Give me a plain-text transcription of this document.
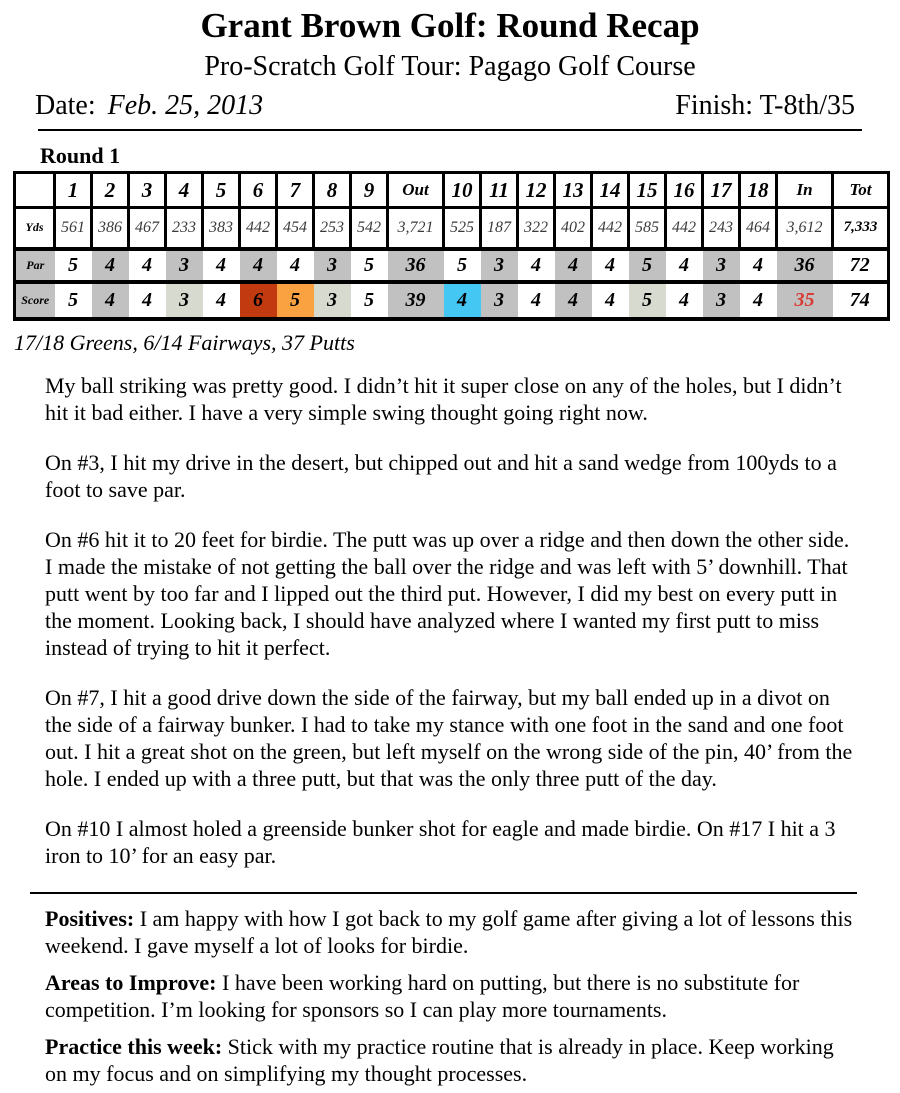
Grant Brown Golf: Round Recap
Pro-Scratch Golf Tour: Pagago Golf Course
Date: Feb. 25, 2013	Finish: T-8th/35
Round 1
	1	2	3	4	5	6	7	8	9	Out	10	11	12	13	14	15	16	17	18	In	Tot
Yds	561	386	467	233	383	442	454	253	542	3,721	525	187	322	402	442	585	442	243	464	3,612	7,333
Par	5	4	4	3	4	4	4	3	5	36	5	3	4	4	4	5	4	3	4	36	72
Score	5	4	4	3	4	6	5	3	5	39	4	3	4	4	4	5	4	3	4	35	74
17/18 Greens, 6/14 Fairways, 37 Putts

My ball striking was pretty good. I didn’t hit it super close on any of the holes, but I didn’t hit it bad either. I have a very simple swing thought going right now.

On #3, I hit my drive in the desert, but chipped out and hit a sand wedge from 100yds to a foot to save par.

On #6 hit it to 20 feet for birdie. The putt was up over a ridge and then down the other side. I made the mistake of not getting the ball over the ridge and was left with 5’ downhill. That putt went by too far and I lipped out the third put. However, I did my best on every putt in the moment. Looking back, I should have analyzed where I wanted my first putt to miss instead of trying to hit it perfect.

On #7, I hit a good drive down the side of the fairway, but my ball ended up in a divot on the side of a fairway bunker. I had to take my stance with one foot in the sand and one foot out. I hit a great shot on the green, but left myself on the wrong side of the pin, 40’ from the hole. I ended up with a three putt, but that was the only three putt of the day.

On #10 I almost holed a greenside bunker shot for eagle and made birdie. On #17 I hit a 3 iron to 10’ for an easy par.

Positives: I am happy with how I got back to my golf game after giving a lot of lessons this weekend. I gave myself a lot of looks for birdie.

Areas to Improve: I have been working hard on putting, but there is no substitute for competition. I’m looking for sponsors so I can play more tournaments.

Practice this week: Stick with my practice routine that is already in place. Keep working on my focus and on simplifying my thought processes.
